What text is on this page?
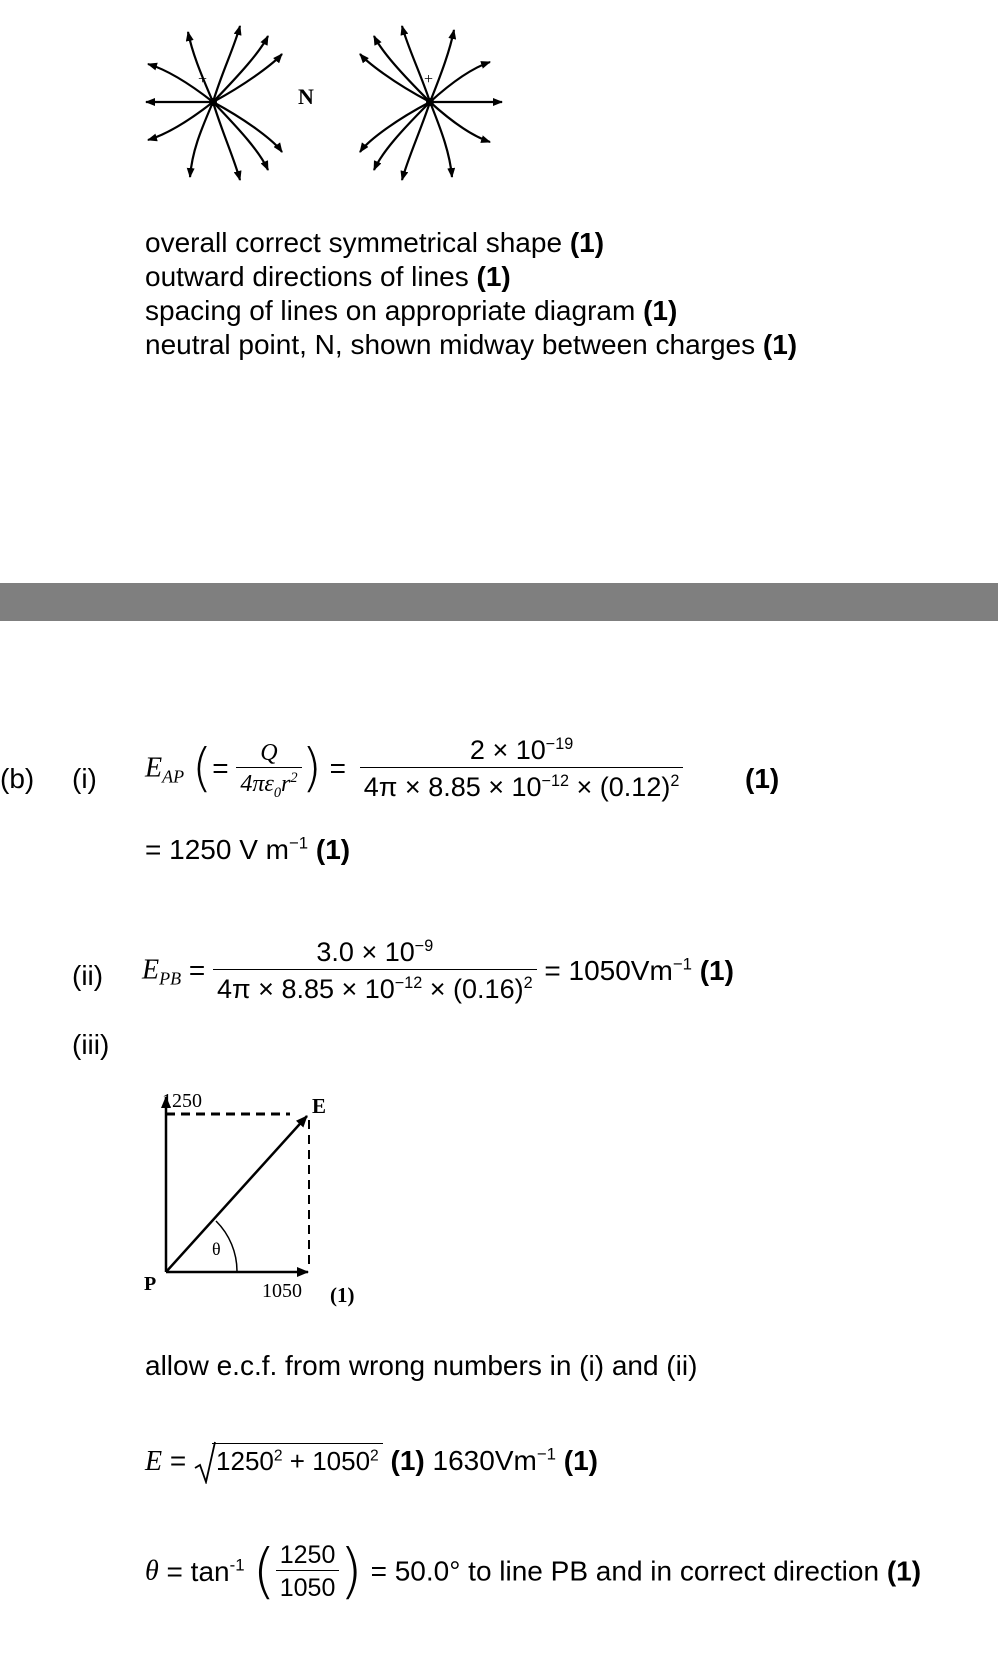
+	+
N
overall correct symmetrical shape (1)
outward directions of lines (1)
spacing of lines on appropriate diagram (1)
neutral point, N, shown midway between charges (1)
(b) (i) $E_{AP}$ (= $\frac{Q}{4\pi\varepsilon_0r^2}$ ) = $\frac{2 \times 10^{-19}}{4\pi \times 8.85 \times 10^{-12} \times (0.12)^2} (1)$
= 1250 V $m^{-1}$ (1)
(ii) $E_{PB} = \frac{3.0 \times 10^{-9}}{4\pi \times 8.85 \times 10^{-12} \times (0.16)^2} = 1050Vm^{-1}$ (1)
(iii)
1250	E
θ
P	1050 (1)
allow e.c.f. from wrong numbers in (i) and (ii)
$E = 1250^2 + 1050^2$ (1) $1630Vm^{-1}$ (1)
$\theta = \tan^{-1}$ ( $\frac{1250}{1050}$ ) = 50.0° to line PB and in correct direction (1)
